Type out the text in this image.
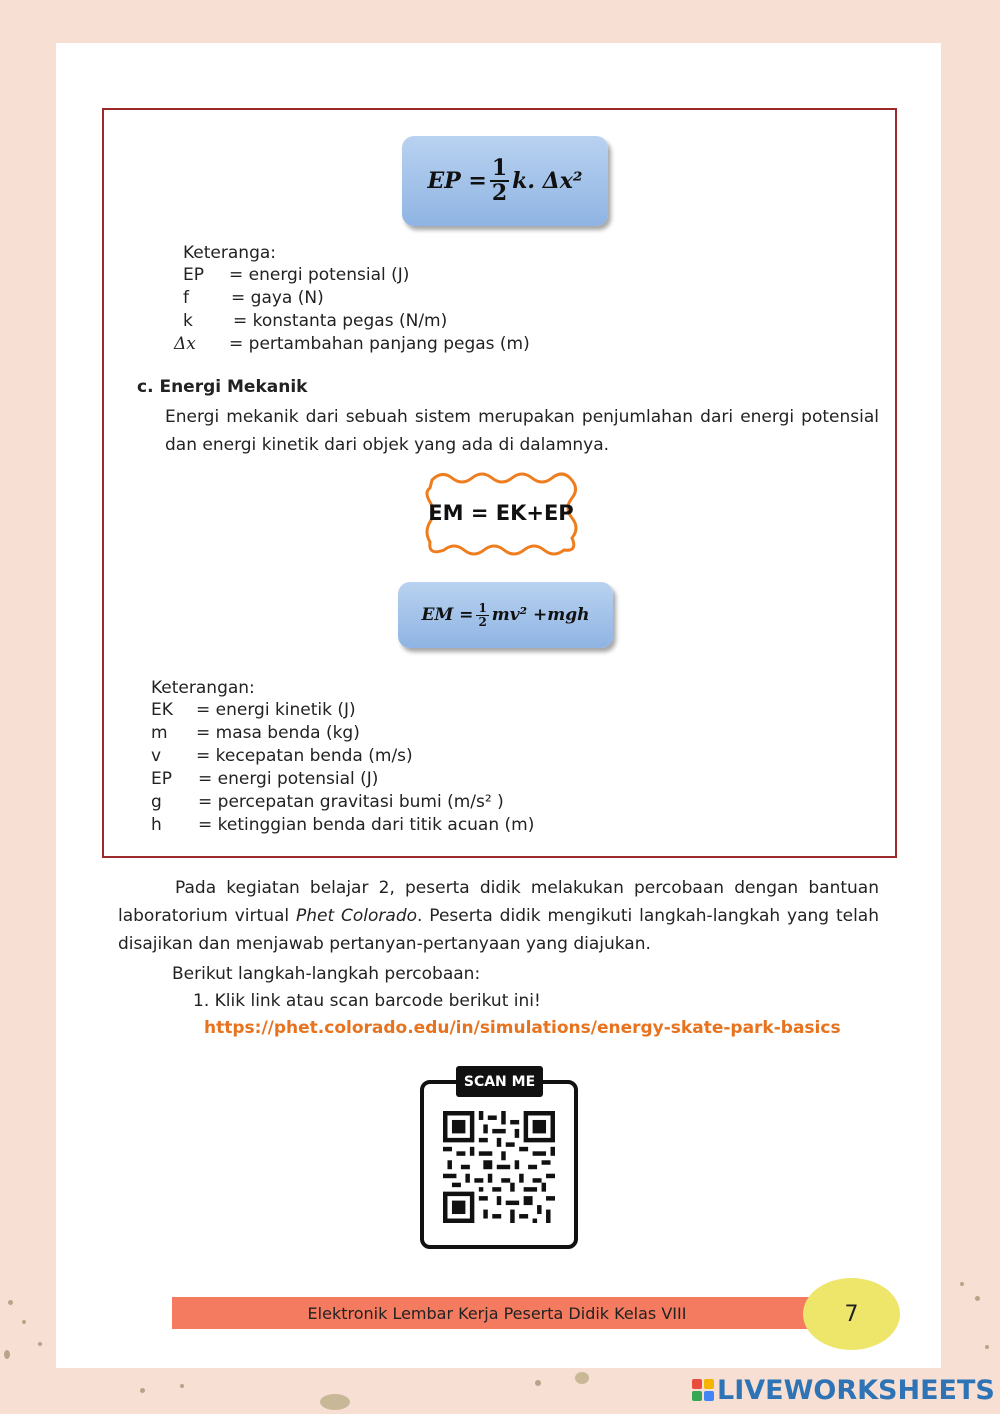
EP = $\frac{1}{2} k$. Δx²
Keteranga:
EP = energi potensial (J)
f = gaya (N)
k = konstanta pegas (N/m)
Δx = pertambahan panjang pegas (m)
c. Energi Mekanik
Energi mekanik dari sebuah sistem merupakan penjumlahan dari energi potensial dan energi kinetik dari objek yang ada di dalamnya.
EM = EK+EP
EM = $\frac{1}{2} mv^2 +mgh$
Keterangan:
EK = energi kinetik (J)
m = masa benda (kg)
v = kecepatan benda (m/s)
EP = energi potensial (J)
g = percepatan gravitasi bumi (m/s² )
h = ketinggian benda dari titik acuan (m)
Pada kegiatan belajar 2, peserta didik melakukan percobaan dengan bantuan laboratorium virtual Phet Colorado. Peserta didik mengikuti langkah-langkah yang telah disajikan dan menjawab pertanyan-pertanyaan yang diajukan.
Berikut langkah-langkah percobaan:
1. Klik link atau scan barcode berikut ini!
https://phet.colorado.edu/in/simulations/energy-skate-park-basics
SCAN ME
Elektronik Lembar Kerja Peserta Didik Kelas VIII	7
LIVEWORKSHEETS
